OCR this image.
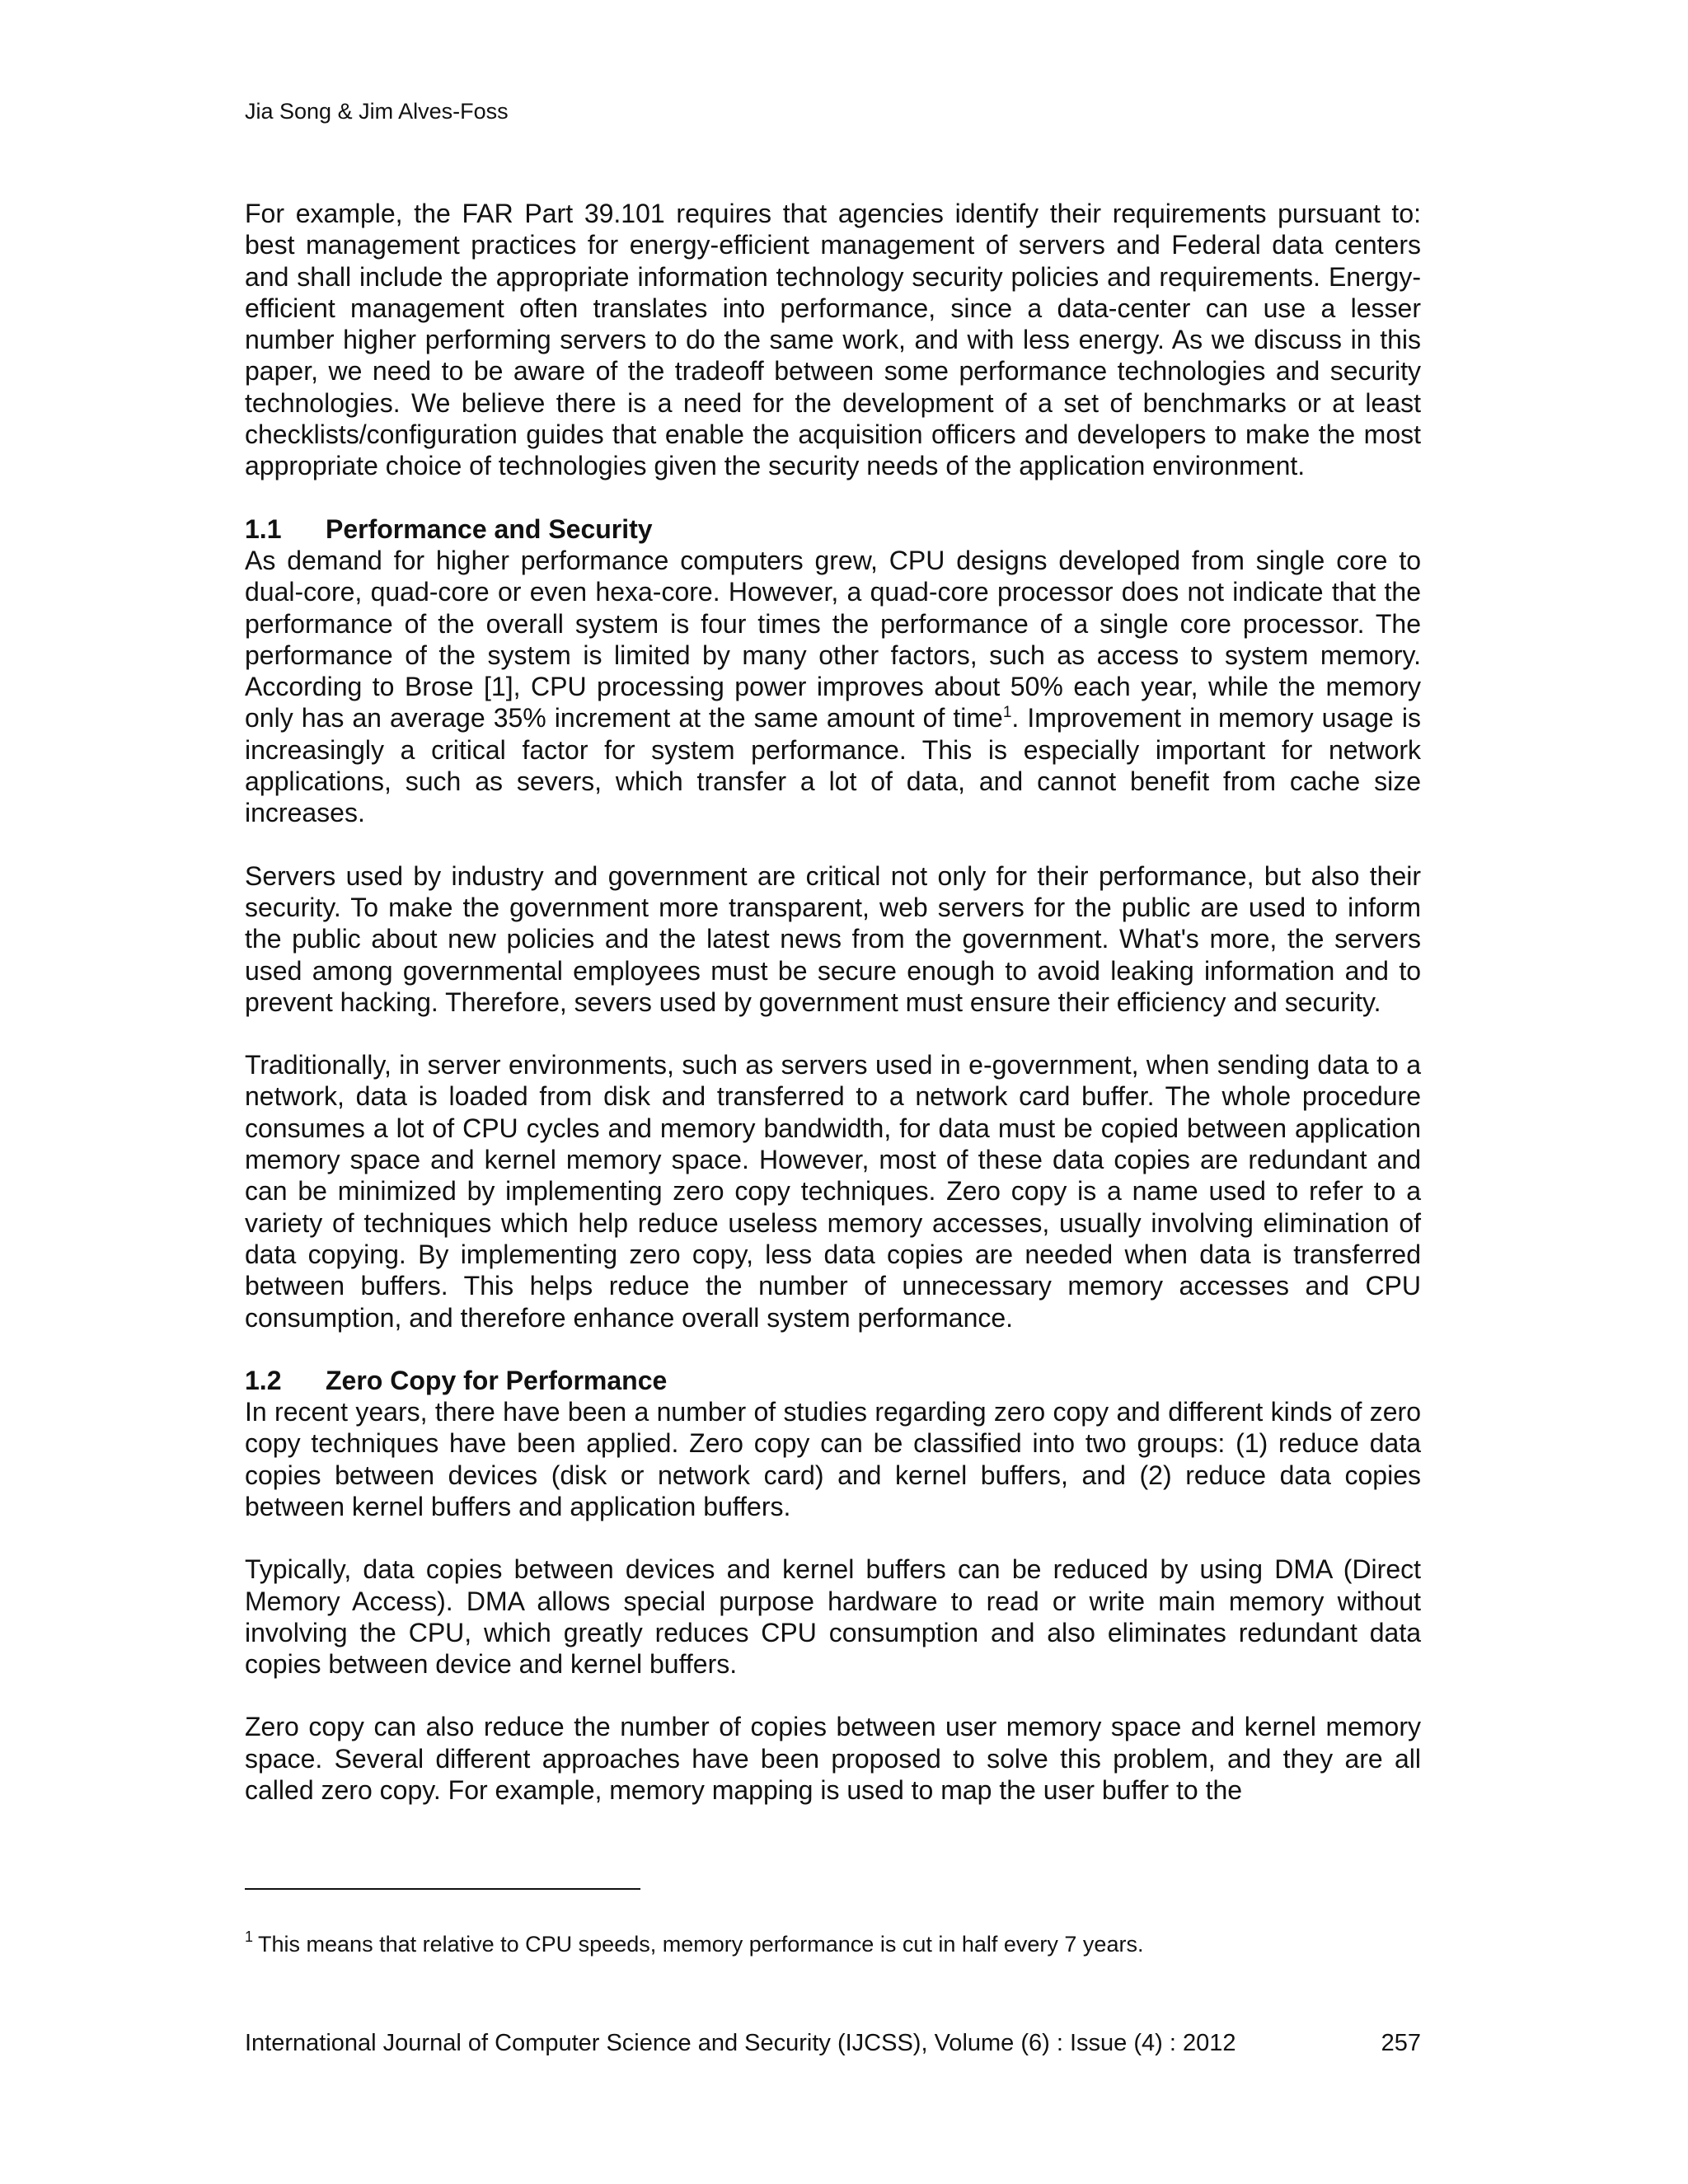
Jia Song & Jim Alves-Foss

For example, the FAR Part 39.101 requires that agencies identify their requirements pursuant to: best management practices for energy-efficient management of servers and Federal data centers and shall include the appropriate information technology security policies and requirements. Energy-efficient management often translates into performance, since a data-center can use a lesser number higher performing servers to do the same work, and with less energy. As we discuss in this paper, we need to be aware of the tradeoff between some performance technologies and security technologies. We believe there is a need for the development of a set of benchmarks or at least checklists/configuration guides that enable the acquisition officers and developers to make the most appropriate choice of technologies given the security needs of the application environment.

1.1 Performance and Security

As demand for higher performance computers grew, CPU designs developed from single core to dual-core, quad-core or even hexa-core. However, a quad-core processor does not indicate that the performance of the overall system is four times the performance of a single core processor. The performance of the system is limited by many other factors, such as access to system memory. According to Brose [1], CPU processing power improves about 50% each year, while the memory only has an average 35% increment at the same amount of time$^1$. Improvement in memory usage is increasingly a critical factor for system performance. This is especially important for network applications, such as severs, which transfer a lot of data, and cannot benefit from cache size increases.

Servers used by industry and government are critical not only for their performance, but also their security. To make the government more transparent, web servers for the public are used to inform the public about new policies and the latest news from the government. What's more, the servers used among governmental employees must be secure enough to avoid leaking information and to prevent hacking. Therefore, severs used by government must ensure their efficiency and security.

Traditionally, in server environments, such as servers used in e-government, when sending data to a network, data is loaded from disk and transferred to a network card buffer. The whole procedure consumes a lot of CPU cycles and memory bandwidth, for data must be copied between application memory space and kernel memory space. However, most of these data copies are redundant and can be minimized by implementing zero copy techniques. Zero copy is a name used to refer to a variety of techniques which help reduce useless memory accesses, usually involving elimination of data copying. By implementing zero copy, less data copies are needed when data is transferred between buffers. This helps reduce the number of unnecessary memory accesses and CPU consumption, and therefore enhance overall system performance.

1.2 Zero Copy for Performance

In recent years, there have been a number of studies regarding zero copy and different kinds of zero copy techniques have been applied. Zero copy can be classified into two groups: (1) reduce data copies between devices (disk or network card) and kernel buffers, and (2) reduce data copies between kernel buffers and application buffers.

Typically, data copies between devices and kernel buffers can be reduced by using DMA (Direct Memory Access). DMA allows special purpose hardware to read or write main memory without involving the CPU, which greatly reduces CPU consumption and also eliminates redundant data copies between device and kernel buffers.

Zero copy can also reduce the number of copies between user memory space and kernel memory space. Several different approaches have been proposed to solve this problem, and they are all called zero copy. For example, memory mapping is used to map the user buffer to the

$^1$ This means that relative to CPU speeds, memory performance is cut in half every 7 years.

International Journal of Computer Science and Security (IJCSS), Volume (6) : Issue (4) : 2012	257
